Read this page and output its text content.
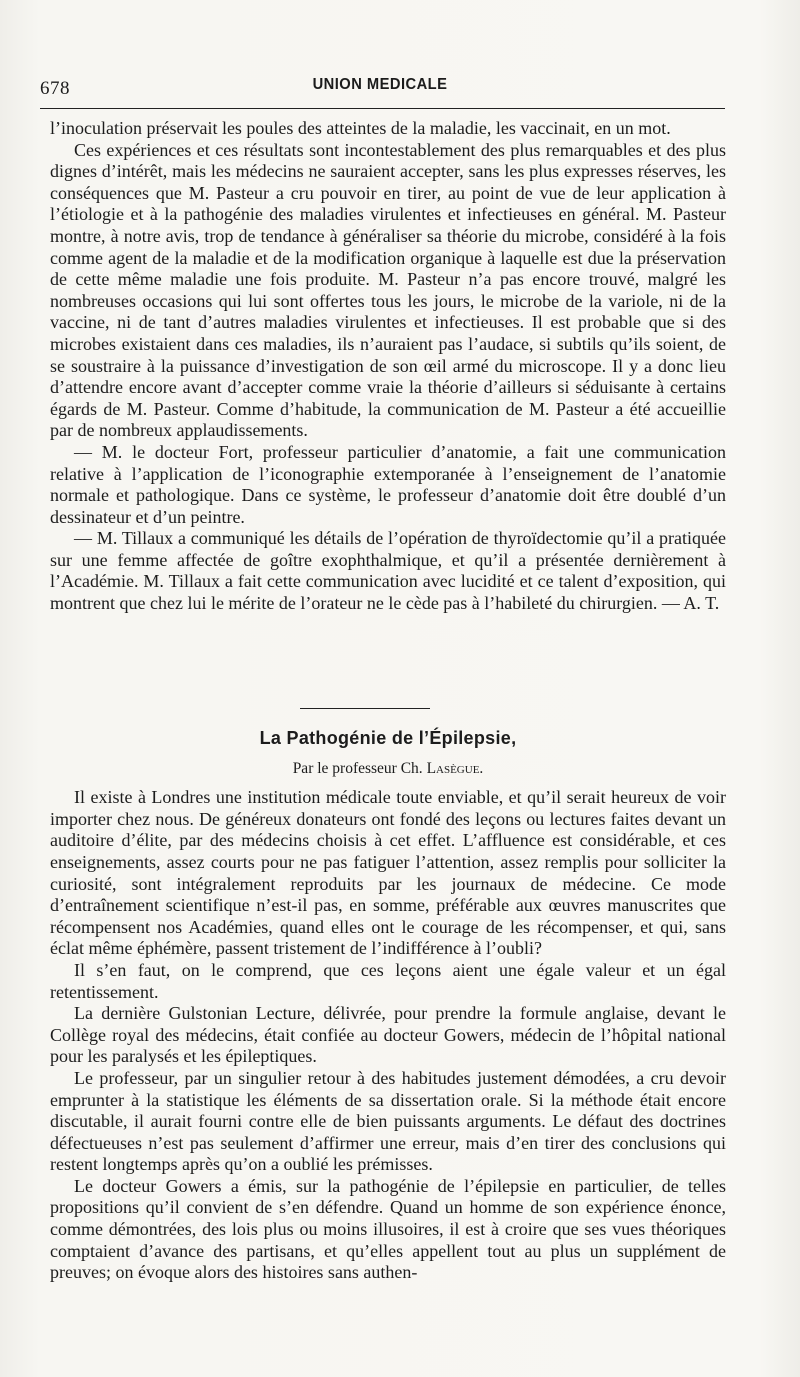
678	UNION MEDICALE

l’inoculation préservait les poules des atteintes de la maladie, les vaccinait, en un mot.

Ces expériences et ces résultats sont incontestablement des plus remarquables et des plus dignes d’intérêt, mais les médecins ne sauraient accepter, sans les plus expresses réserves, les conséquences que M. Pasteur a cru pouvoir en tirer, au point de vue de leur application à l’étiologie et à la pathogénie des maladies virulentes et infectieuses en général. M. Pasteur montre, à notre avis, trop de tendance à généraliser sa théorie du microbe, considéré à la fois comme agent de la maladie et de la modification organique à laquelle est due la préservation de cette même maladie une fois produite. M. Pasteur n’a pas encore trouvé, malgré les nombreuses occasions qui lui sont offertes tous les jours, le microbe de la variole, ni de la vaccine, ni de tant d’autres maladies virulentes et infectieuses. Il est probable que si des microbes existaient dans ces maladies, ils n’auraient pas l’audace, si subtils qu’ils soient, de se soustraire à la puissance d’investigation de son œil armé du microscope. Il y a donc lieu d’attendre encore avant d’accepter comme vraie la théorie d’ailleurs si séduisante à certains égards de M. Pasteur. Comme d’habitude, la communication de M. Pasteur a été accueillie par de nombreux applaudissements.

— M. le docteur Fort, professeur particulier d’anatomie, a fait une communication relative à l’application de l’iconographie extemporanée à l’enseignement de l’anatomie normale et pathologique. Dans ce système, le professeur d’anatomie doit être doublé d’un dessinateur et d’un peintre.

— M. Tillaux a communiqué les détails de l’opération de thyroïdectomie qu’il a pratiquée sur une femme affectée de goître exophthalmique, et qu’il a présentée dernièrement à l’Académie. M. Tillaux a fait cette communication avec lucidité et ce talent d’exposition, qui montrent que chez lui le mérite de l’orateur ne le cède pas à l’habileté du chirurgien. — A. T.

La Pathogénie de l’Épilepsie,
Par le professeur Ch. Lasègue.

Il existe à Londres une institution médicale toute enviable, et qu’il serait heureux de voir importer chez nous. De généreux donateurs ont fondé des leçons ou lectures faites devant un auditoire d’élite, par des médecins choisis à cet effet. L’affluence est considérable, et ces enseignements, assez courts pour ne pas fatiguer l’attention, assez remplis pour solliciter la curiosité, sont intégralement reproduits par les journaux de médecine. Ce mode d’entraînement scientifique n’est-il pas, en somme, préférable aux œuvres manuscrites que récompensent nos Académies, quand elles ont le courage de les récompenser, et qui, sans éclat même éphémère, passent tristement de l’indifférence à l’oubli?

Il s’en faut, on le comprend, que ces leçons aient une égale valeur et un égal retentissement.

La dernière Gulstonian Lecture, délivrée, pour prendre la formule anglaise, devant le Collège royal des médecins, était confiée au docteur Gowers, médecin de l’hôpital national pour les paralysés et les épileptiques.

Le professeur, par un singulier retour à des habitudes justement démodées, a cru devoir emprunter à la statistique les éléments de sa dissertation orale. Si la méthode était encore discutable, il aurait fourni contre elle de bien puissants arguments. Le défaut des doctrines défectueuses n’est pas seulement d’affirmer une erreur, mais d’en tirer des conclusions qui restent longtemps après qu’on a oublié les prémisses.

Le docteur Gowers a émis, sur la pathogénie de l’épilepsie en particulier, de telles propositions qu’il convient de s’en défendre. Quand un homme de son expérience énonce, comme démontrées, des lois plus ou moins illusoires, il est à croire que ses vues théoriques comptaient d’avance des partisans, et qu’elles appellent tout au plus un supplément de preuves; on évoque alors des histoires sans authen-
